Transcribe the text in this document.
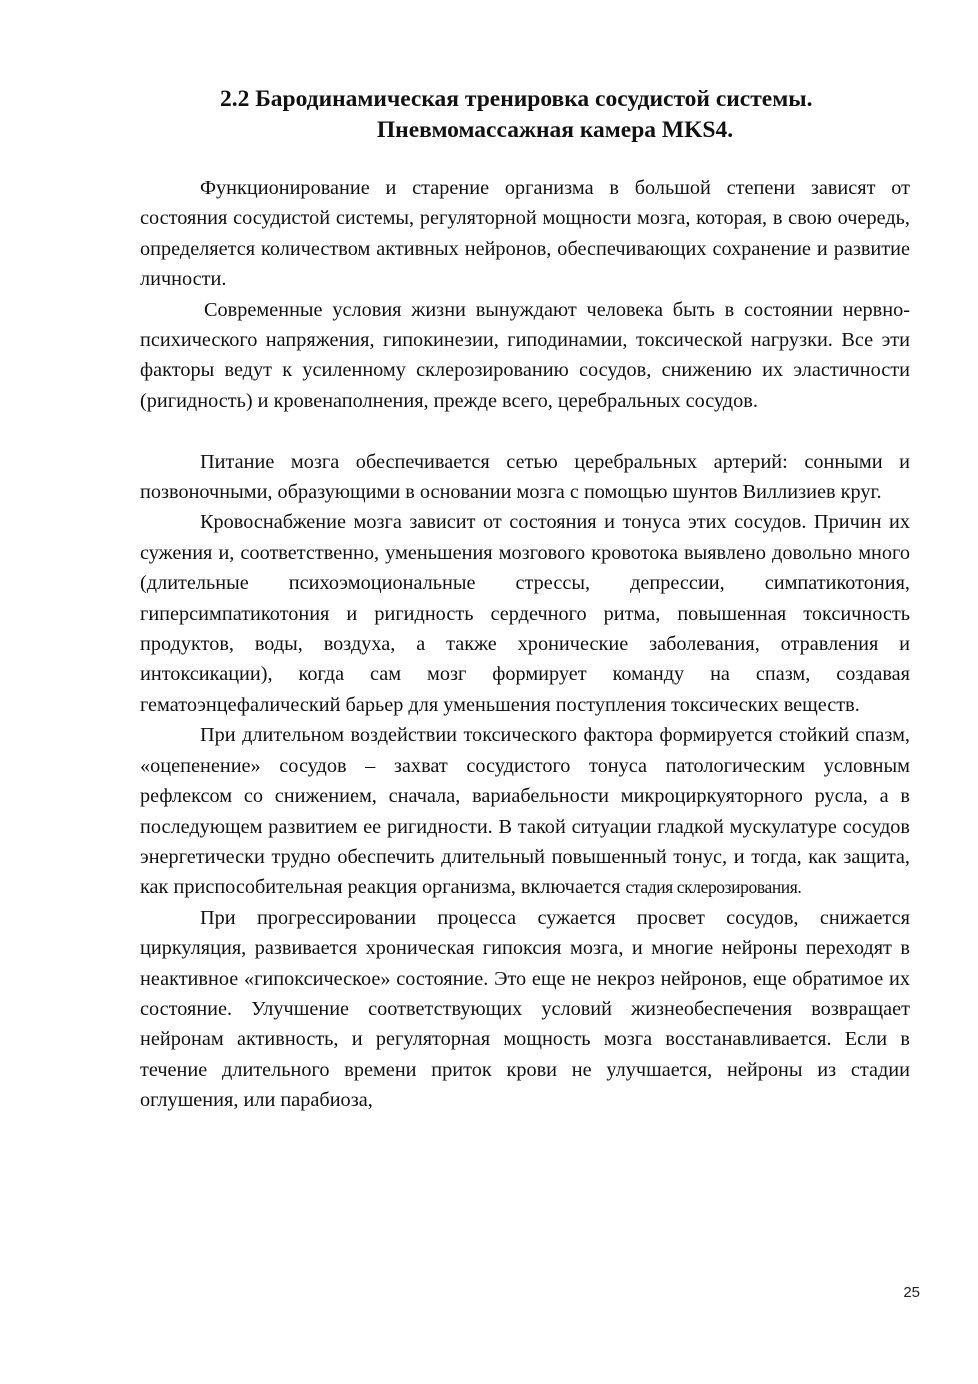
2.2 Бародинамическая тренировка сосудистой системы.
Пневмомассажная камера MKS4.

Функционирование и старение организма в большой степени зависят от состояния сосудистой системы, регуляторной мощности мозга, которая, в свою очередь, определяется количеством активных нейронов, обеспечивающих сохранение и развитие личности.

Современные условия жизни вынуждают человека быть в состоянии нервно-психического напряжения, гипокинезии, гиподинамии, токсической нагрузки. Все эти факторы ведут к усиленному склерозированию сосудов, снижению их эластичности (ригидность) и кровенаполнения, прежде всего, церебральных сосудов.

Питание мозга обеспечивается сетью церебральных артерий: сонными и позвоночными, образующими в основании мозга с помощью шунтов Виллизиев круг.

Кровоснабжение мозга зависит от состояния и тонуса этих сосудов. Причин их сужения и, соответственно, уменьшения мозгового кровотока выявлено довольно много (длительные психоэмоциональные стрессы, депрессии, симпатикотония, гиперсимпатикотония и ригидность сердечного ритма, повышенная токсичность продуктов, воды, воздуха, а также хронические заболевания, отравления и интоксикации), когда сам мозг формирует команду на спазм, создавая гематоэнцефалический барьер для уменьшения поступления токсических веществ.

При длительном воздействии токсического фактора формируется стойкий спазм, «оцепенение» сосудов – захват сосудистого тонуса патологическим условным рефлексом со снижением, сначала, вариабельности микроциркуяторного русла, а в последующем развитием ее ригидности. В такой ситуации гладкой мускулатуре сосудов энергетически трудно обеспечить длительный повышенный тонус, и тогда, как защита, как приспособительная реакция организма, включается стадия склерозирования.

При прогрессировании процесса сужается просвет сосудов, снижается циркуляция, развивается хроническая гипоксия мозга, и многие нейроны переходят в неактивное «гипоксическое» состояние. Это еще не некроз нейронов, еще обратимое их состояние. Улучшение соответствующих условий жизнеобеспечения возвращает нейронам активность, и регуляторная мощность мозга восстанавливается. Если в течение длительного времени приток крови не улучшается, нейроны из стадии оглушения, или парабиоза,

25
